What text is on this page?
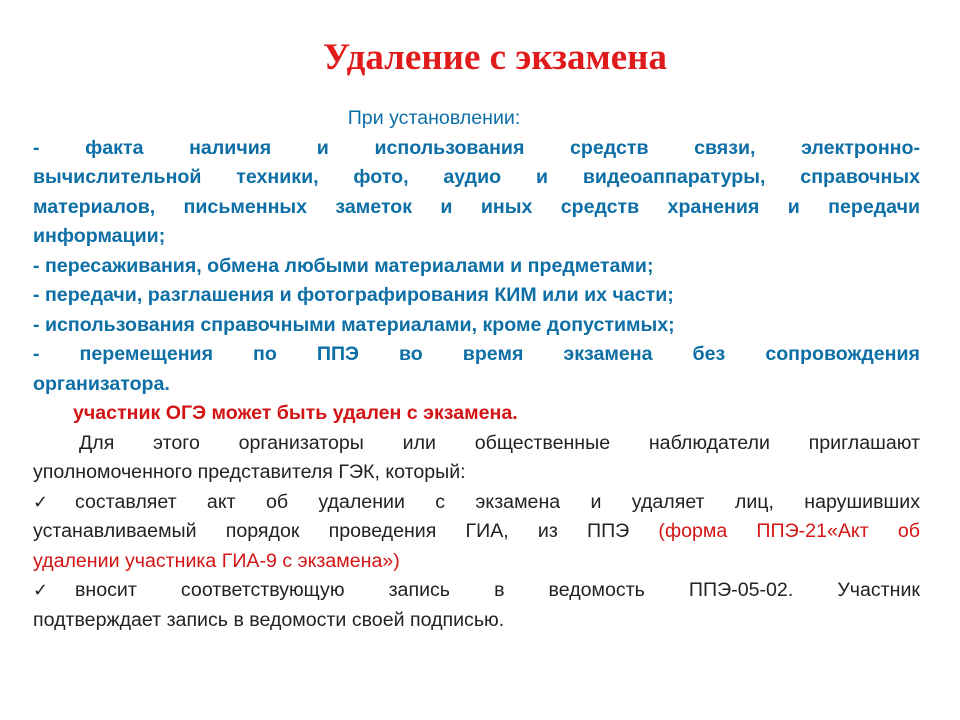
Удаление с экзамена
При установлении:
- факта наличия и использования средств связи, электронно-
вычислительной техники, фото, аудио и видеоаппаратуры, справочных
материалов, письменных заметок и иных средств хранения и передачи
информации;
- пересаживания, обмена любыми материалами и предметами;
- передачи, разглашения и фотографирования КИМ или их части;
- использования справочными материалами, кроме допустимых;
- перемещения по ППЭ во время экзамена без сопровождения
организатора.
участник ОГЭ может быть удален с экзамена.
Для этого организаторы или общественные наблюдатели приглашают
уполномоченного представителя ГЭК, который:
✓ составляет акт об удалении с экзамена и удаляет лиц, нарушивших
устанавливаемый порядок проведения ГИА, из ППЭ (форма ППЭ-21«Акт об
удалении участника ГИА-9 с экзамена»)
✓ вносит соответствующую запись в ведомость ППЭ-05-02. Участник
подтверждает запись в ведомости своей подписью.
